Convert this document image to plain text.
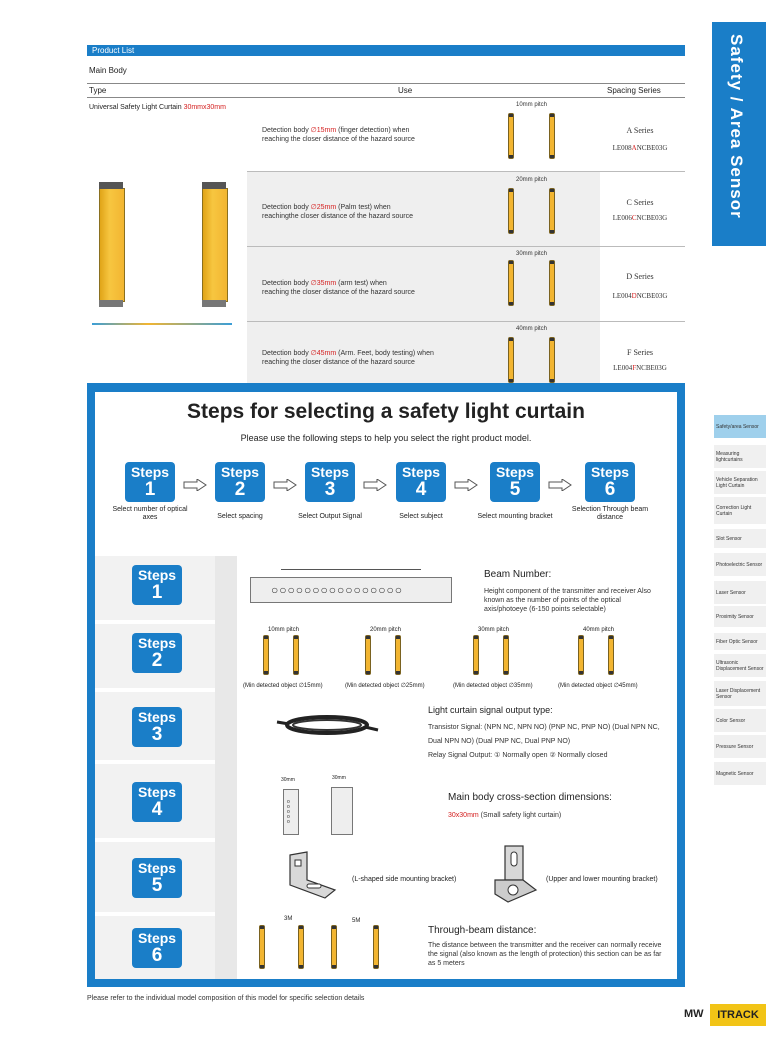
Product List
Main Body
Type	Use	Spacing Series
Universal Safety Light Curtain 30mmx30mm	10mm pitch
Detection body ∅15mm (finger detection) when
reaching the closer distance of the hazard source
A Series
LE008ANCBE03G
20mm pitch
Detection body ∅25mm (Palm test) when
reachingthe closer distance of the hazard source
C Series
LE006CNCBE03G
30mm pitch
Detection body ∅35mm (arm test) when
reaching the closer distance of the hazard source
D Series
LE004DNCBE03G
40mm pitch
Detection body ∅45mm (Arm. Feet, body testing) when
reaching the closer distance of the hazard source
F Series
LE004FNCBE03G
Safety / Area Sensor
Safety/area Sensor
Measuring lightcurtains
Vehicle Separation Light Curtain
Correction Light Curtain
Slot Sensor
Photoelectric Sensor
Laser Sensor
Proximity Sensor
Fiber Optic Sensor
Ultrasonic Displacement Sensor
Laser Displacement Sensor
Color Sensor
Pressure Sensor
Magnetic Sensor
Steps for selecting a safety light curtain
Please use the following steps to help you select the right product model.
Steps
1
Select number of optical axes
Steps
2
Select spacing
Steps
3
Select Output Signal
Steps
4
Select subject
Steps
5
Select mounting bracket
Steps
6
Selection Through beam distance
Steps
1
Steps
2
Steps
3
Steps
4
Steps
5
Steps
6
○○○○○○○○○○○○○○○○
Beam Number:
Height component of the transmitter and receiver Also known as the number of points of the optical axis/photoeye (6-150 points selectable)
10mm pitch
(Min detected object ∅15mm)
20mm pitch
(Min detected object ∅25mm)
30mm pitch
(Min detected object ∅35mm)
40mm pitch
(Min detected object ∅45mm)
Light curtain signal output type:
Transistor Signal: (NPN NC, NPN NO) (PNP NC, PNP NO) (Dual NPN NC,
Dual NPN NO) (Dual PNP NC, Dual PNP NO)
Relay Signal Output: ① Normally open ② Normally closed
30mm	30mm
o
o
o
o
o
Main body cross-section dimensions:
30x30mm (Small safety light curtain)
(L-shaped side mounting bracket)	(Upper and lower mounting bracket)
3M	5M
Through-beam distance:
The distance between the transmitter and the receiver can normally receive the signal (also known as the length of protection) this section can be as far as 5 meters
Please refer to the individual model composition of this model for specific selection details
MW	ITRACK
